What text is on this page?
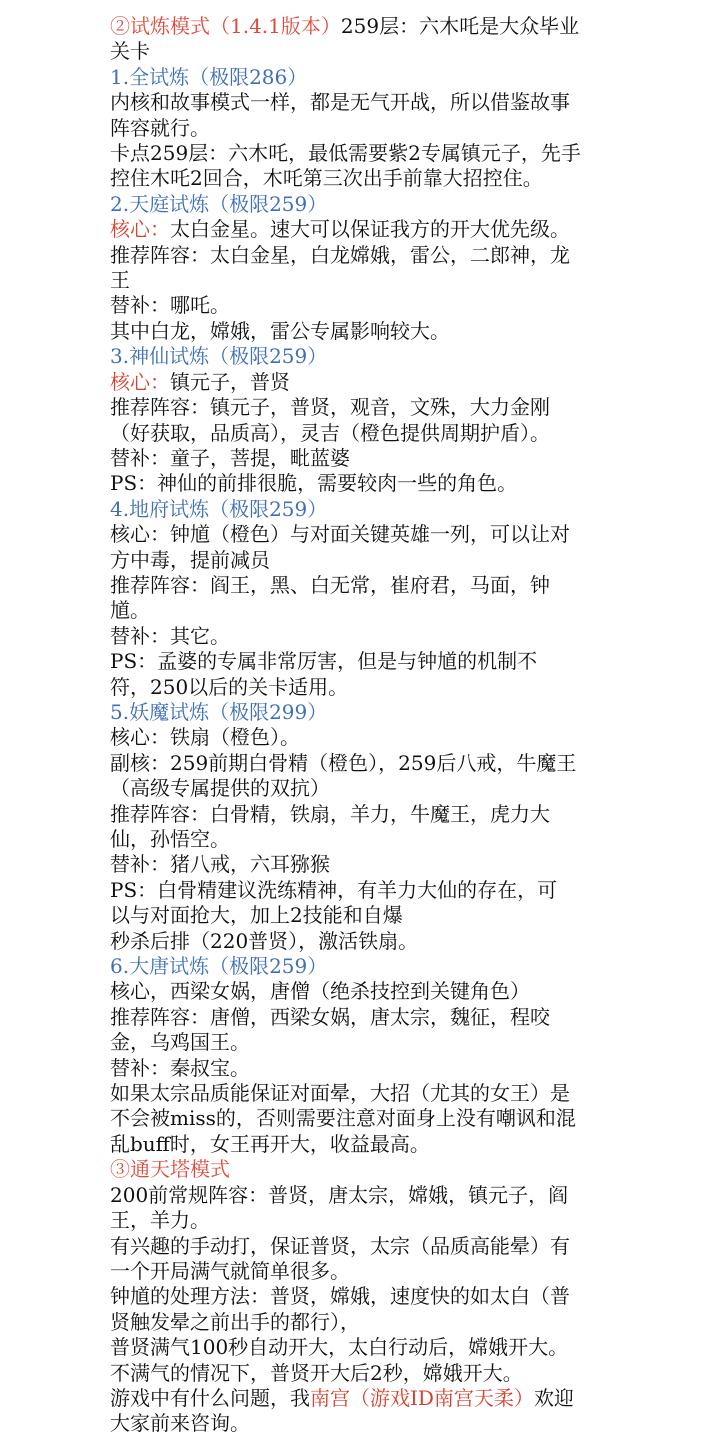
②试炼模式（1.4.1版本）259层：六木吒是大众毕业

关卡

1.全试炼（极限286）

内核和故事模式一样，都是无气开战，所以借鉴故事

阵容就行。

卡点259层：六木吒，最低需要紫2专属镇元子，先手

控住木吒2回合，木吒第三次出手前靠大招控住。

2.天庭试炼（极限259）

核心：太白金星。速大可以保证我方的开大优先级。

推荐阵容：太白金星，白龙嫦娥，雷公，二郎神，龙

王

替补：哪吒。

其中白龙，嫦娥，雷公专属影响较大。

3.神仙试炼（极限259）

核心：镇元子，普贤

推荐阵容：镇元子，普贤，观音，文殊，大力金刚

（好获取，品质高），灵吉（橙色提供周期护盾）。

替补：童子，菩提，毗蓝婆

PS：神仙的前排很脆，需要较肉一些的角色。

4.地府试炼（极限259）

核心：钟馗（橙色）与对面关键英雄一列，可以让对

方中毒，提前减员

推荐阵容：阎王，黑、白无常，崔府君，马面，钟

馗。

替补：其它。

PS：孟婆的专属非常厉害，但是与钟馗的机制不

符，250以后的关卡适用。

5.妖魔试炼（极限299）

核心：铁扇（橙色）。

副核：259前期白骨精（橙色），259后八戒，牛魔王

（高级专属提供的双抗）

推荐阵容：白骨精，铁扇，羊力，牛魔王，虎力大

仙，孙悟空。

替补：猪八戒，六耳猕猴

PS：白骨精建议洗练精神，有羊力大仙的存在，可

以与对面抢大，加上2技能和自爆

秒杀后排（220普贤），激活铁扇。

6.大唐试炼（极限259）

核心，西梁女娲，唐僧（绝杀技控到关键角色）

推荐阵容：唐僧，西梁女娲，唐太宗，魏征，程咬

金，乌鸡国王。

替补：秦叔宝。

如果太宗品质能保证对面晕，大招（尤其的女王）是

不会被miss的，否则需要注意对面身上没有嘲讽和混

乱buff时，女王再开大，收益最高。

③通天塔模式

200前常规阵容：普贤，唐太宗，嫦娥，镇元子，阎

王，羊力。

有兴趣的手动打，保证普贤，太宗（品质高能晕）有

一个开局满气就简单很多。

钟馗的处理方法：普贤，嫦娥，速度快的如太白（普

贤触发晕之前出手的都行），

普贤满气100秒自动开大，太白行动后，嫦娥开大。

不满气的情况下，普贤开大后2秒，嫦娥开大。

游戏中有什么问题，我南宫（游戏ID南宫天柔）欢迎

大家前来咨询。
